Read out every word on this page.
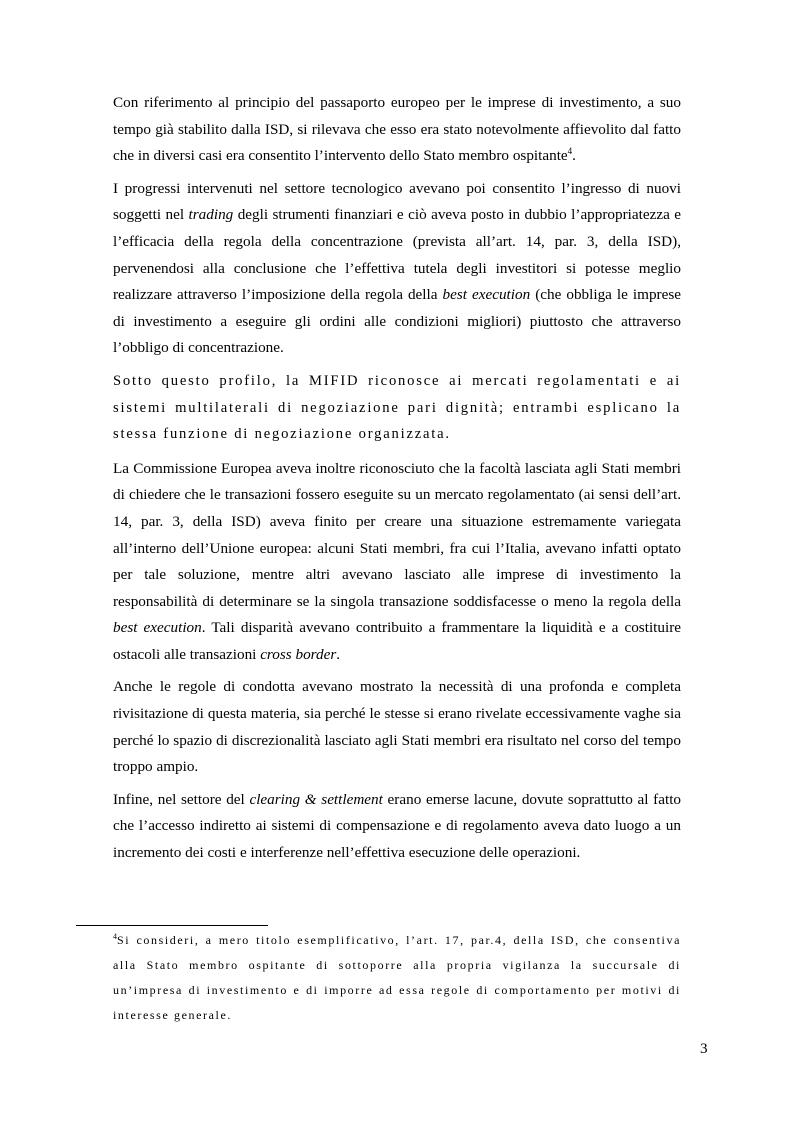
Con riferimento al principio del passaporto europeo per le imprese di investimento, a suo tempo già stabilito dalla ISD, si rilevava che esso era stato notevolmente affievolito dal fatto che in diversi casi era consentito l’intervento dello Stato membro ospitante$^4$.

I progressi intervenuti nel settore tecnologico avevano poi consentito l’ingresso di nuovi soggetti nel trading degli strumenti finanziari e ciò aveva posto in dubbio l’appropriatezza e l’efficacia della regola della concentrazione (prevista all’art. 14, par. 3, della ISD), pervenendosi alla conclusione che l’effettiva tutela degli investitori si potesse meglio realizzare attraverso l’imposizione della regola della best execution (che obbliga le imprese di investimento a eseguire gli ordini alle condizioni migliori) piuttosto che attraverso l’obbligo di concentrazione.

Sotto questo profilo, la MIFID riconosce ai mercati regolamentati e ai sistemi multilaterali di negoziazione pari dignità; entrambi esplicano la stessa funzione di negoziazione organizzata.

La Commissione Europea aveva inoltre riconosciuto che la facoltà lasciata agli Stati membri di chiedere che le transazioni fossero eseguite su un mercato regolamentato (ai sensi dell’art. 14, par. 3, della ISD) aveva finito per creare una situazione estremamente variegata all’interno dell’Unione europea: alcuni Stati membri, fra cui l’Italia, avevano infatti optato per tale soluzione, mentre altri avevano lasciato alle imprese di investimento la responsabilità di determinare se la singola transazione soddisfacesse o meno la regola della best execution. Tali disparità avevano contribuito a frammentare la liquidità e a costituire ostacoli alle transazioni cross border.

Anche le regole di condotta avevano mostrato la necessità di una profonda e completa rivisitazione di questa materia, sia perché le stesse si erano rivelate eccessivamente vaghe sia perché lo spazio di discrezionalità lasciato agli Stati membri era risultato nel corso del tempo troppo ampio.

Infine, nel settore del clearing & settlement erano emerse lacune, dovute soprattutto al fatto che l’accesso indiretto ai sistemi di compensazione e di regolamento aveva dato luogo a un incremento dei costi e interferenze nell’effettiva esecuzione delle operazioni.

$^4$Si consideri, a mero titolo esemplificativo, l’art. 17, par.4, della ISD, che consentiva alla Stato membro ospitante di sottoporre alla propria vigilanza la succursale di un’impresa di investimento e di imporre ad essa regole di comportamento per motivi di interesse generale.
3
